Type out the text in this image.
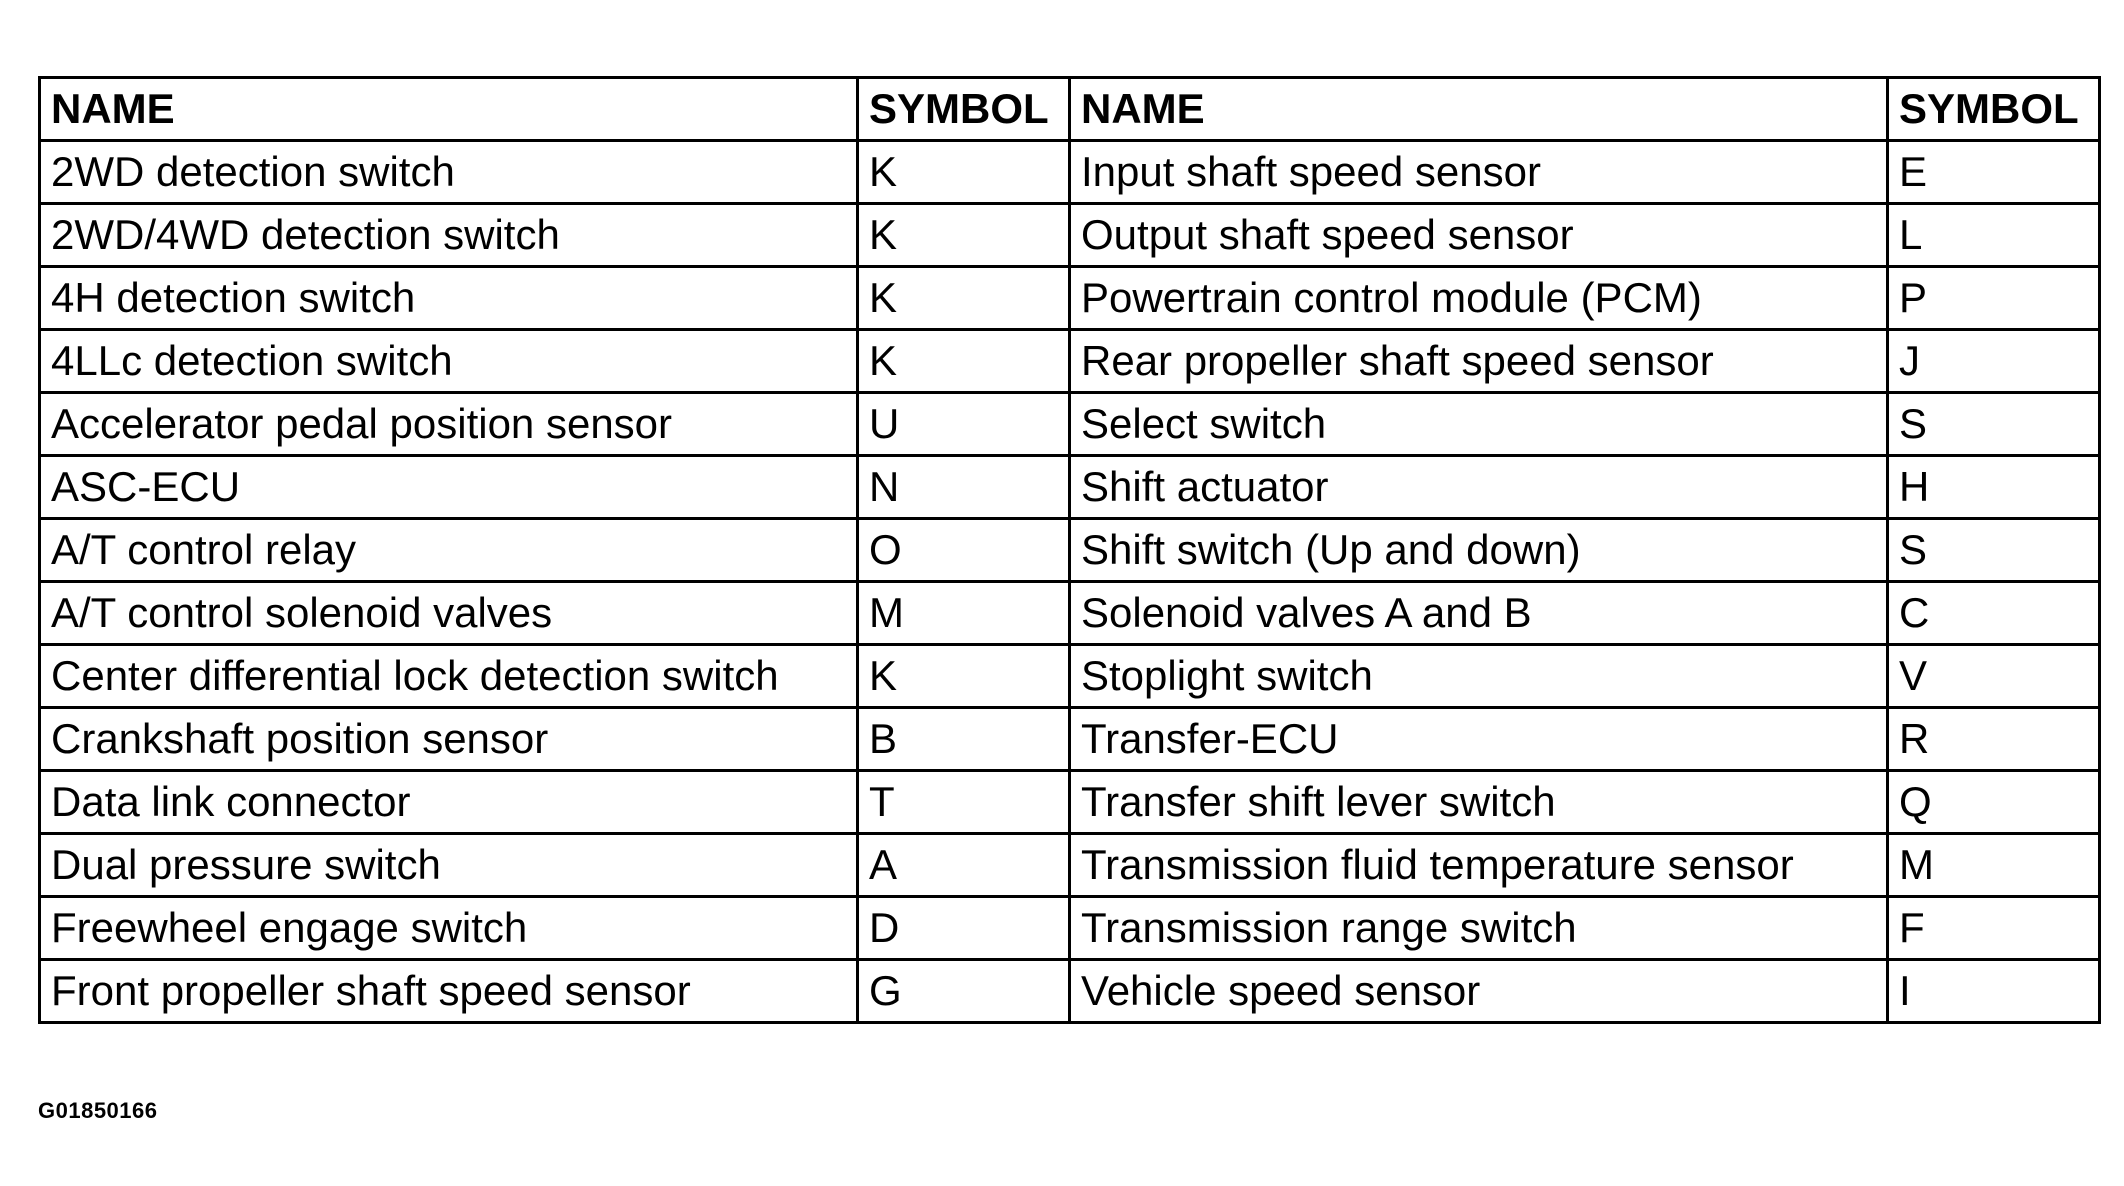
NAME	SYMBOL	NAME	SYMBOL
2WD detection switch	K	Input shaft speed sensor	E
2WD/4WD detection switch	K	Output shaft speed sensor	L
4H detection switch	K	Powertrain control module (PCM)	P
4LLc detection switch	K	Rear propeller shaft speed sensor	J
Accelerator pedal position sensor	U	Select switch	S
ASC-ECU	N	Shift actuator	H
A/T control relay	O	Shift switch (Up and down)	S
A/T control solenoid valves	M	Solenoid valves A and B	C
Center differential lock detection switch	K	Stoplight switch	V
Crankshaft position sensor	B	Transfer-ECU	R
Data link connector	T	Transfer shift lever switch	Q
Dual pressure switch	A	Transmission fluid temperature sensor	M
Freewheel engage switch	D	Transmission range switch	F
Front propeller shaft speed sensor	G	Vehicle speed sensor	I
G01850166
